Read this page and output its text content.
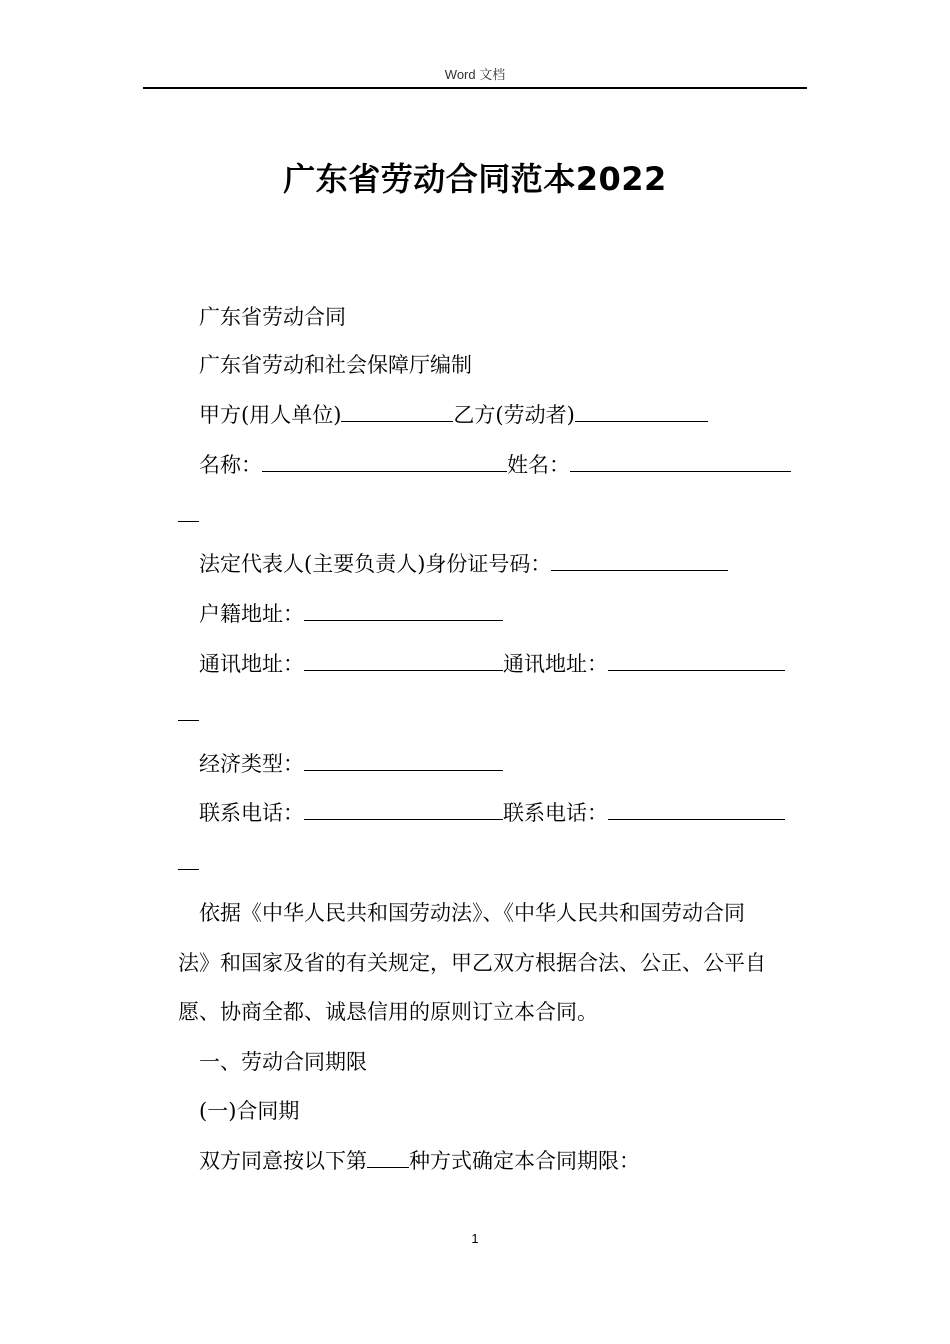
Word 文档
广东省劳动合同范本2022
广东省劳动合同
广东省劳动和社会保障厅编制
甲方(用人单位)	乙方(劳动者)
名称：	姓名：
法定代表人(主要负责人)身份证号码：
户籍地址：
通讯地址：	通讯地址：
经济类型：
联系电话：	联系电话：
依据《中华人民共和国劳动法》、《中华人民共和国劳动合同
法》和国家及省的有关规定，甲乙双方根据合法、公正、公平自
愿、协商全都、诚恳信用的原则订立本合同。
一、劳动合同期限
(一)合同期
双方同意按以下第 种方式确定本合同期限：
1
